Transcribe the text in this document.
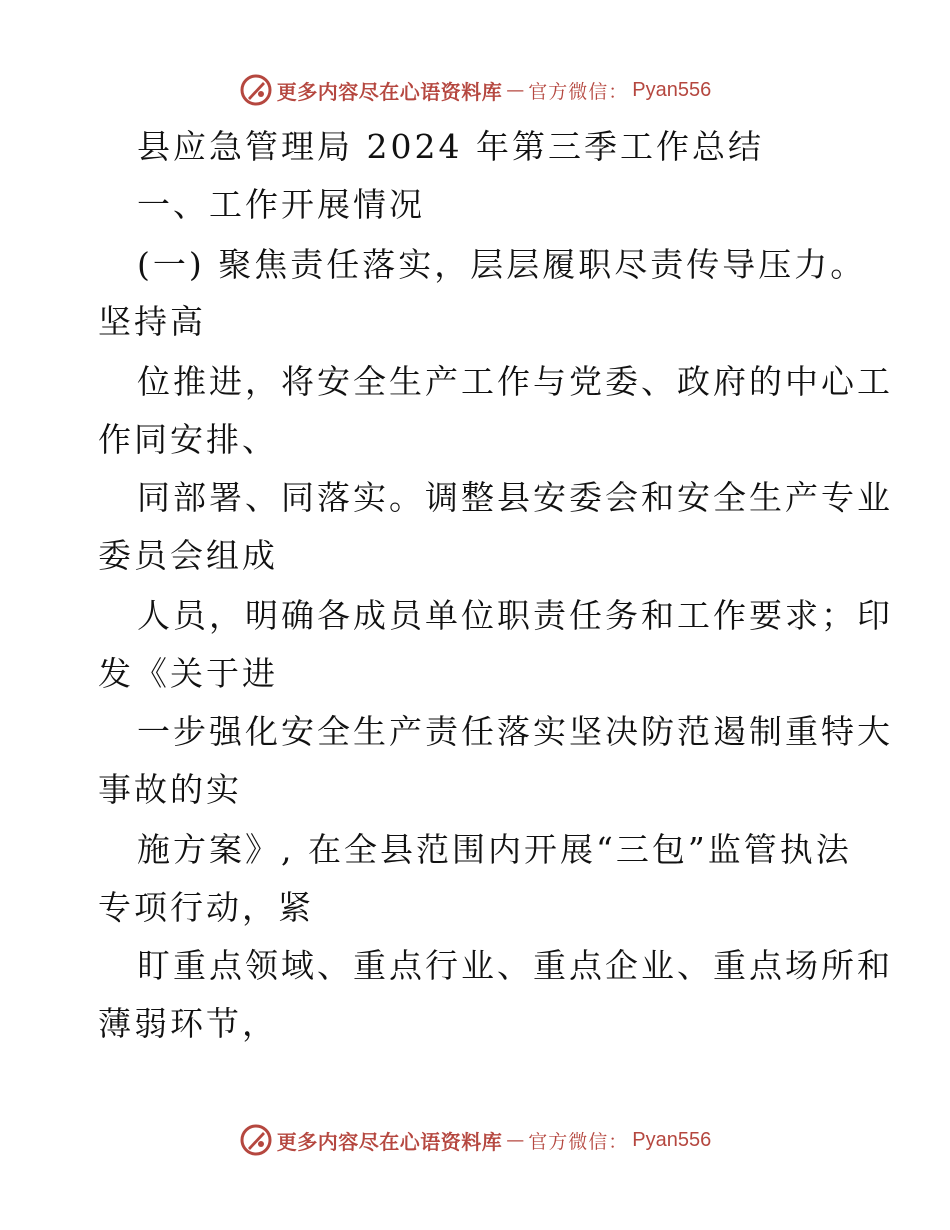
更多内容尽在心语资料库 — 官方微信： Pyan556
县应急管理局 2024 年第三季工作总结
一、工作开展情况
(一) 聚焦责任落实，层层履职尽责传导压力。
坚持高
位推进，将安全生产工作与党委、政府的中心工
作同安排、
同部署、同落实。调整县安委会和安全生产专业
委员会组成
人员，明确各成员单位职责任务和工作要求；印
发《关于进
一步强化安全生产责任落实坚决防范遏制重特大
事故的实
施方案》, 在全县范围内开展“三包”监管执法
专项行动，紧
盯重点领域、重点行业、重点企业、重点场所和
薄弱环节，
更多内容尽在心语资料库 — 官方微信： Pyan556
